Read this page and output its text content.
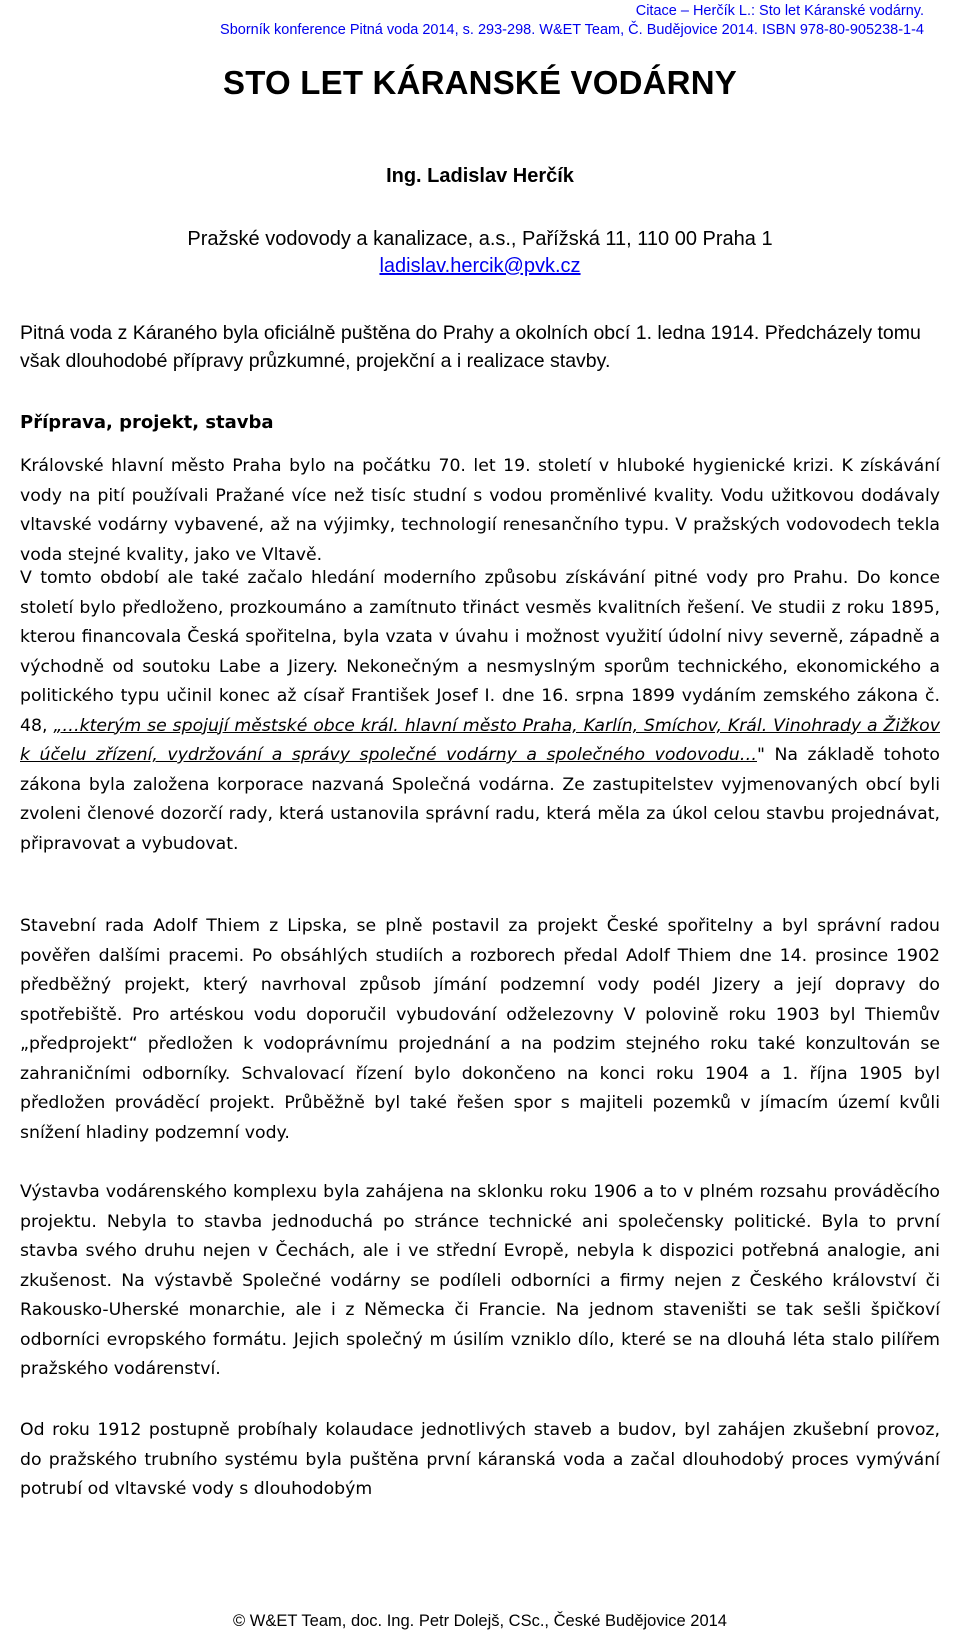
Citace – Herčík L.: Sto let Káranské vodárny.
Sborník konference Pitná voda 2014, s. 293-298. W&ET Team, Č. Budějovice 2014. ISBN 978-80-905238-1-4
STO LET KÁRANSKÉ VODÁRNY
Ing. Ladislav Herčík
Pražské vodovody a kanalizace, a.s., Pařížská 11, 110 00 Praha 1
ladislav.hercik@pvk.cz
Pitná voda z Káraného byla oficiálně puštěna do Prahy a okolních obcí 1. ledna 1914. Předcházely tomu však dlouhodobé přípravy průzkumné, projekční a i realizace stavby.
Příprava, projekt, stavba
Královské hlavní město Praha bylo na počátku 70. let 19. století v hluboké hygienické krizi. K získávání vody na pití používali Pražané více než tisíc studní s vodou proměnlivé kvality. Vodu užitkovou dodávaly vltavské vodárny vybavené, až na výjimky, technologií renesančního typu. V pražských vodovodech tekla voda stejné kvality, jako ve Vltavě.
V tomto období ale také začalo hledání moderního způsobu získávání pitné vody pro Prahu. Do konce století bylo předloženo, prozkoumáno a zamítnuto třináct vesměs kvalitních řešení. Ve studii z roku 1895, kterou financovala Česká spořitelna, byla vzata v úvahu i možnost využití údolní nivy severně, západně a východně od soutoku Labe a Jizery. Nekonečným a nesmyslným sporům technického, ekonomického a politického typu učinil konec až císař František Josef I. dne 16. srpna 1899 vydáním zemského zákona č. 48, „…kterým se spojují městské obce král. hlavní město Praha, Karlín, Smíchov, Král. Vinohrady a Žižkov k účelu zřízení, vydržování a správy společné vodárny a společného vodovodu…" Na základě tohoto zákona byla založena korporace nazvaná Společná vodárna. Ze zastupitelstev vyjmenovaných obcí byli zvoleni členové dozorčí rady, která ustanovila správní radu, která měla za úkol celou stavbu projednávat, připravovat a vybudovat.
Stavební rada Adolf Thiem z Lipska, se plně postavil za projekt České spořitelny a byl správní radou pověřen dalšími pracemi. Po obsáhlých studiích a rozborech předal Adolf Thiem dne 14. prosince 1902 předběžný projekt, který navrhoval způsob jímání podzemní vody podél Jizery a její dopravy do spotřebiště. Pro artéskou vodu doporučil vybudování odželezovny V polovině roku 1903 byl Thiemův „předprojekt“ předložen k vodoprávnímu projednání a na podzim stejného roku také konzultován se zahraničními odborníky. Schvalovací řízení bylo dokončeno na konci roku 1904 a 1. října 1905 byl předložen prováděcí projekt. Průběžně byl také řešen spor s majiteli pozemků v jímacím území kvůli snížení hladiny podzemní vody.
Výstavba vodárenského komplexu byla zahájena na sklonku roku 1906 a to v plném rozsahu prováděcího projektu. Nebyla to stavba jednoduchá po stránce technické ani společensky politické. Byla to první stavba svého druhu nejen v Čechách, ale i ve střední Evropě, nebyla k dispozici potřebná analogie, ani zkušenost. Na výstavbě Společné vodárny se podíleli odborníci a firmy nejen z Českého království či Rakousko-Uherské monarchie, ale i z Německa či Francie. Na jednom staveništi se tak sešli špičkoví odborníci evropského formátu. Jejich společný m úsilím vzniklo dílo, které se na dlouhá léta stalo pilířem pražského vodárenství.
Od roku 1912 postupně probíhaly kolaudace jednotlivých staveb a budov, byl zahájen zkušební provoz, do pražského trubního systému byla puštěna první káranská voda a začal dlouhodobý proces vymývání potrubí od vltavské vody s dlouhodobým
© W&ET Team, doc. Ing. Petr Dolejš, CSc., České Budějovice 2014
